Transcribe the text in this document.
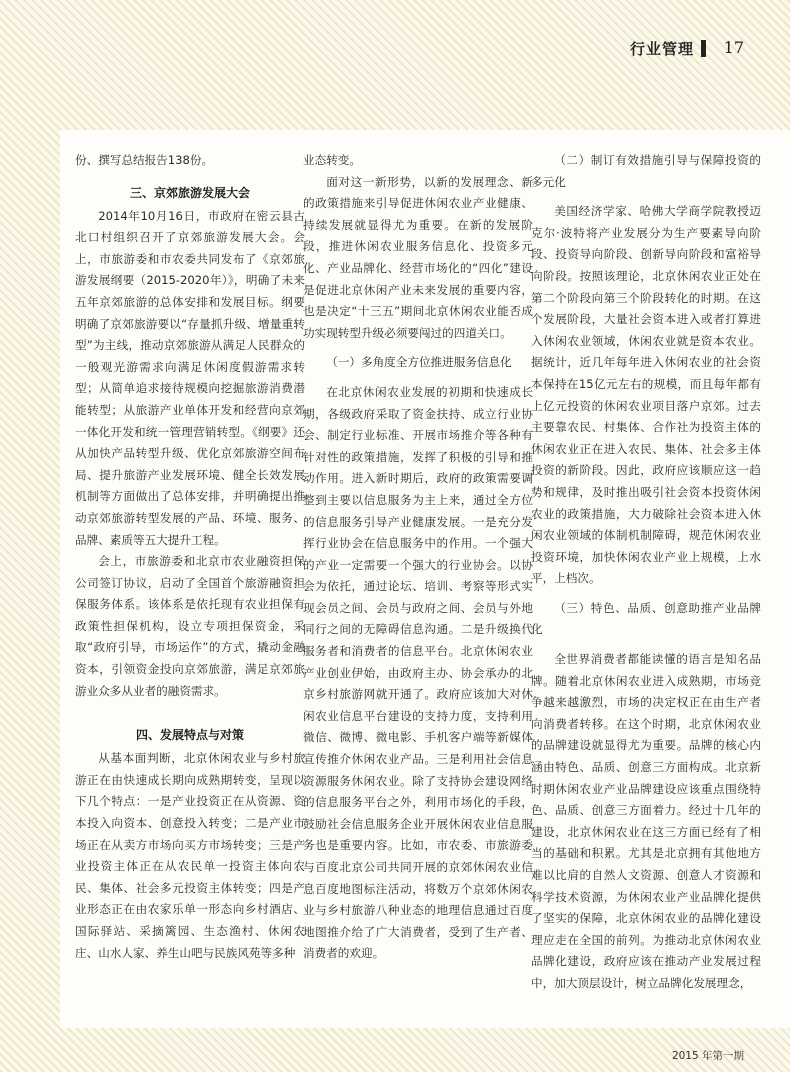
行业管理 17

份、撰写总结报告138份。

三、京郊旅游发展大会

2014年10月16日，市政府在密云县古北口村组织召开了京郊旅游发展大会。会上，市旅游委和市农委共同发布了《京郊旅游发展纲要（2015-2020年）》，明确了未来五年京郊旅游的总体安排和发展目标。纲要明确了京郊旅游要以“存量抓升级、增量重转型”为主线，推动京郊旅游从满足人民群众的一般观光游需求向满足休闲度假游需求转型；从简单追求接待规模向挖掘旅游消费潜能转型；从旅游产业单体开发和经营向京郊一体化开发和统一管理营销转型。《纲要》还从加快产品转型升级、优化京郊旅游空间布局、提升旅游产业发展环境、健全长效发展机制等方面做出了总体安排，并明确提出推动京郊旅游转型发展的产品、环境、服务、品牌、素质等五大提升工程。

会上，市旅游委和北京市农业融资担保公司签订协议，启动了全国首个旅游融资担保服务体系。该体系是依托现有农业担保有政策性担保机构，设立专项担保资金，采取“政府引导，市场运作”的方式，撬动金融资本，引领资金投向京郊旅游，满足京郊旅游业众多从业者的融资需求。

四、发展特点与对策

从基本面判断，北京休闲农业与乡村旅游正在由快速成长期向成熟期转变，呈现以下几个特点：一是产业投资正在从资源、资本投入向资本、创意投入转变；二是产业市场正在从卖方市场向买方市场转变；三是产业投资主体正在从农民单一投资主体向农民、集体、社会多元投资主体转变；四是产业形态正在由农家乐单一形态向乡村酒店、国际驿站、采摘篱园、生态渔村、休闲农庄、山水人家、养生山吧与民族风苑等多种

业态转变。

面对这一新形势，以新的发展理念、新的政策措施来引导促进休闲农业产业健康、持续发展就显得尤为重要。在新的发展阶段，推进休闲农业服务信息化、投资多元化、产业品牌化、经营市场化的“四化”建设是促进北京休闲产业未来发展的重要内容，也是决定“十三五”期间北京休闲农业能否成功实现转型升级必须要闯过的四道关口。

（一）多角度全方位推进服务信息化

在北京休闲农业发展的初期和快速成长期，各级政府采取了资金扶持、成立行业协会、制定行业标准、开展市场推介等各种有针对性的政策措施，发挥了积极的引导和推动作用。进入新时期后，政府的政策需要调整到主要以信息服务为主上来，通过全方位的信息服务引导产业健康发展。一是充分发挥行业协会在信息服务中的作用。一个强大的产业一定需要一个强大的行业协会。以协会为依托，通过论坛、培训、考察等形式实现会员之间、会员与政府之间、会员与外地同行之间的无障碍信息沟通。二是升级换代服务者和消费者的信息平台。北京休闲农业产业创业伊始，由政府主办、协会承办的北京乡村旅游网就开通了。政府应该加大对休闲农业信息平台建设的支持力度，支持利用微信、微博、微电影、手机客户端等新媒体宣传推介休闲农业产品。三是利用社会信息资源服务休闲农业。除了支持协会建设网络的信息服务平台之外，利用市场化的手段，鼓励社会信息服务企业开展休闲农业信息服务也是重要内容。比如，市农委、市旅游委与百度北京公司共同开展的京郊休闲农业信息百度地图标注活动，将数万个京郊休闲农业与乡村旅游八种业态的地理信息通过百度地图推介给了广大消费者，受到了生产者、消费者的欢迎。

（二）制订有效措施引导与保障投资的多元化

美国经济学家、哈佛大学商学院教授迈克尔·波特将产业发展分为生产要素导向阶段、投资导向阶段、创新导向阶段和富裕导向阶段。按照该理论，北京休闲农业正处在第二个阶段向第三个阶段转化的时期。在这个发展阶段，大量社会资本进入或者打算进入休闲农业领域，休闲农业就是资本农业。据统计，近几年每年进入休闲农业的社会资本保持在15亿元左右的规模，而且每年都有上亿元投资的休闲农业项目落户京郊。过去主要靠农民、村集体、合作社为投资主体的休闲农业正在进入农民、集体、社会多主体投资的新阶段。因此，政府应该顺应这一趋势和规律，及时推出吸引社会资本投资休闲农业的政策措施，大力破除社会资本进入休闲农业领域的体制机制障碍，规范休闲农业投资环境，加快休闲农业产业上规模，上水平，上档次。

（三）特色、品质、创意助推产业品牌化

全世界消费者都能读懂的语言是知名品牌。随着北京休闲农业进入成熟期，市场竞争越来越激烈，市场的决定权正在由生产者向消费者转移。在这个时期，北京休闲农业的品牌建设就显得尤为重要。品牌的核心内涵由特色、品质、创意三方面构成。北京新时期休闲农业产业品牌建设应该重点围绕特色、品质、创意三方面着力。经过十几年的建设，北京休闲农业在这三方面已经有了相当的基础和积累。尤其是北京拥有其他地方难以比肩的自然人文资源、创意人才资源和科学技术资源，为休闲农业产业品牌化提供了坚实的保障，北京休闲农业的品牌化建设理应走在全国的前列。为推动北京休闲农业品牌化建设，政府应该在推动产业发展过程中，加大顶层设计，树立品牌化发展理念，

2015 年第一期
